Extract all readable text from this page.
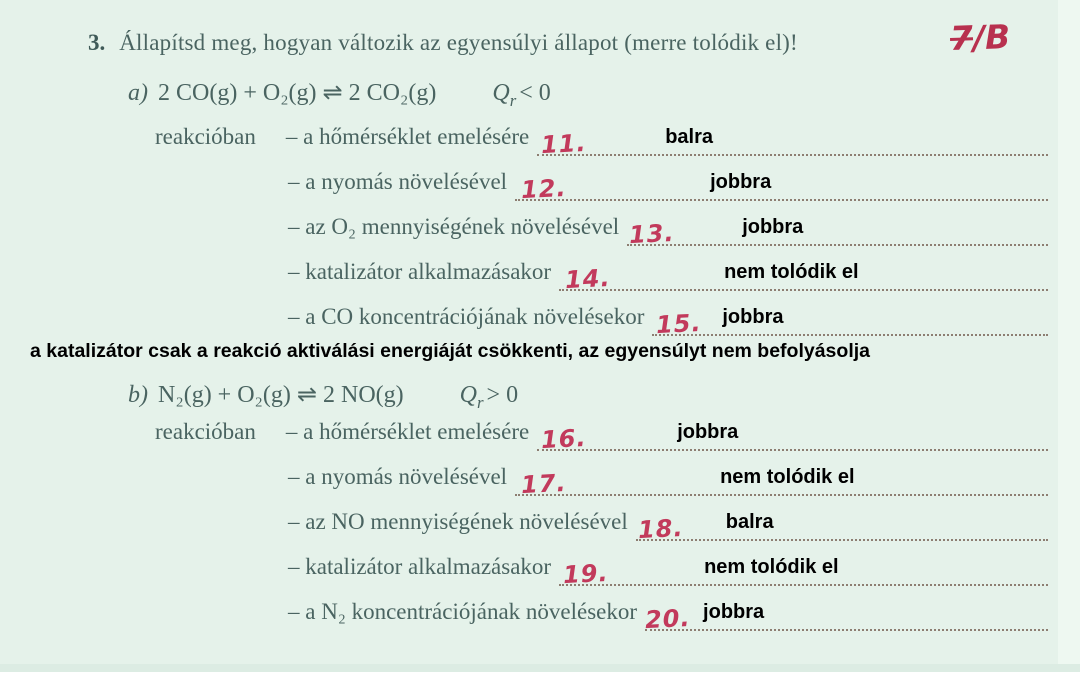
3. Állapítsd meg, hogyan változik az egyensúlyi állapot (merre tolódik el)!	7/B
a) 2 CO(g) + O₂(g) ⇌ 2 CO₂(g) $Q_r < 0$
reakcióban – a hőmérséklet emelésére 11.	balra
– a nyomás növelésével 12.	jobbra
– az O₂ mennyiségének növelésével 13.	jobbra
– katalizátor alkalmazásakor 14.	nem tolódik el
– a CO koncentrációjának növelésekor 15. jobbra
a katalizátor csak a reakció aktiválási energiáját csökkenti, az egyensúlyt nem befolyásolja
b) N₂(g) + O₂(g) ⇌ 2 NO(g) $Q_r > 0$
reakcióban – a hőmérséklet emelésére 16.	jobbra
– a nyomás növelésével 17.	nem tolódik el
– az NO mennyiségének növelésével 18. balra
– katalizátor alkalmazásakor 19.	nem tolódik el
– a N₂ koncentrációjának növelésekor 20. jobbra
